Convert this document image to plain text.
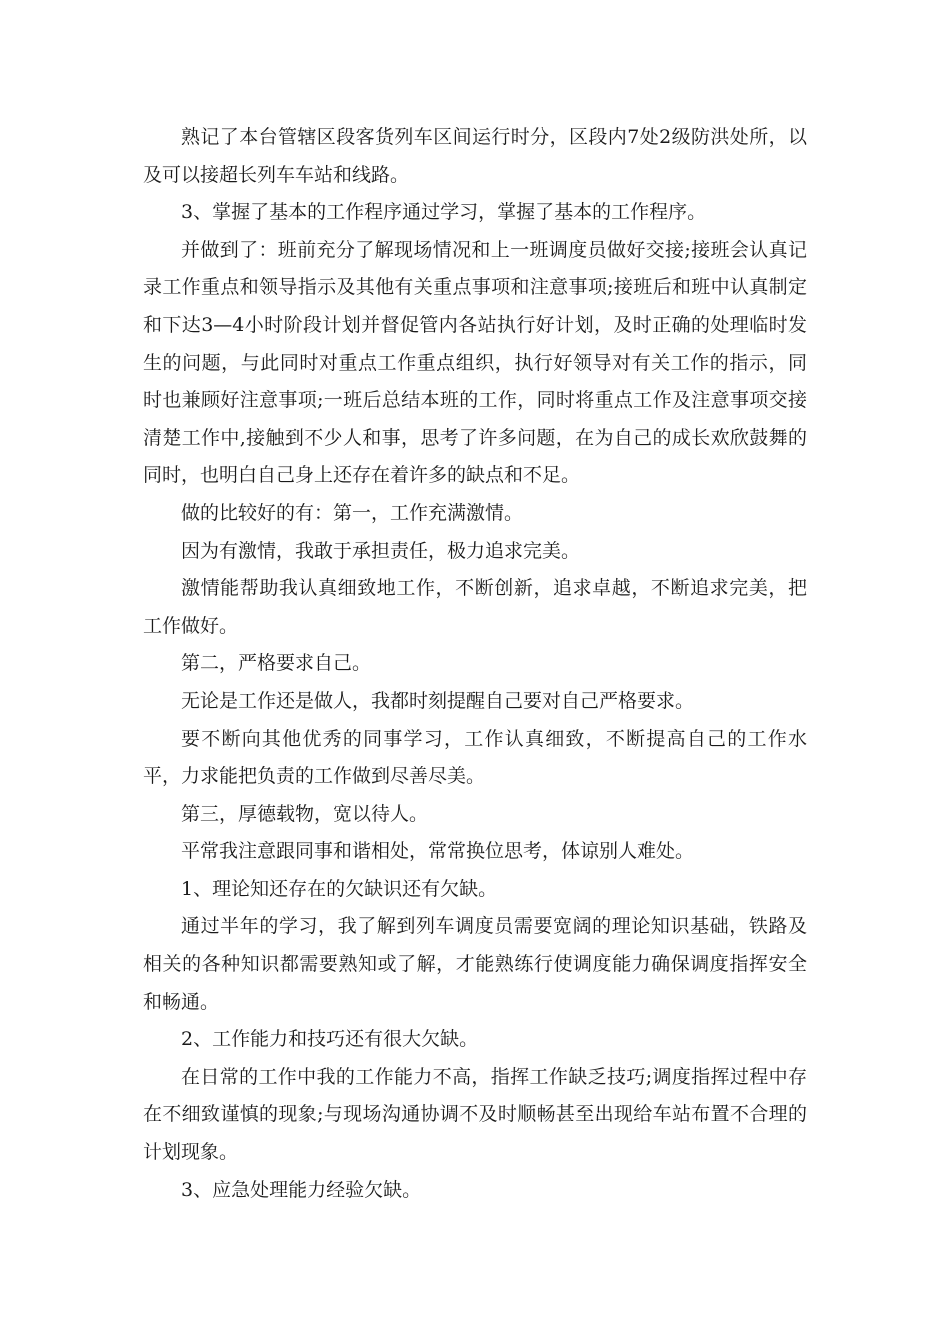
熟记了本台管辖区段客货列车区间运行时分，区段内7处2级防洪处所，以及可以接超长列车车站和线路。

3、掌握了基本的工作程序通过学习，掌握了基本的工作程序。

并做到了：班前充分了解现场情况和上一班调度员做好交接;接班会认真记录工作重点和领导指示及其他有关重点事项和注意事项;接班后和班中认真制定和下达3—4小时阶段计划并督促管内各站执行好计划，及时正确的处理临时发生的问题，与此同时对重点工作重点组织，执行好领导对有关工作的指示，同时也兼顾好注意事项;一班后总结本班的工作，同时将重点工作及注意事项交接清楚工作中,接触到不少人和事，思考了许多问题，在为自己的成长欢欣鼓舞的同时，也明白自己身上还存在着许多的缺点和不足。

做的比较好的有：第一，工作充满激情。

因为有激情，我敢于承担责任，极力追求完美。

激情能帮助我认真细致地工作，不断创新，追求卓越，不断追求完美，把工作做好。

第二，严格要求自己。

无论是工作还是做人，我都时刻提醒自己要对自己严格要求。

要不断向其他优秀的同事学习，工作认真细致，不断提高自己的工作水平，力求能把负责的工作做到尽善尽美。

第三，厚德载物，宽以待人。

平常我注意跟同事和谐相处，常常换位思考，体谅别人难处。

1、理论知还存在的欠缺识还有欠缺。

通过半年的学习，我了解到列车调度员需要宽阔的理论知识基础，铁路及相关的各种知识都需要熟知或了解，才能熟练行使调度能力确保调度指挥安全和畅通。

2、工作能力和技巧还有很大欠缺。

在日常的工作中我的工作能力不高，指挥工作缺乏技巧;调度指挥过程中存在不细致谨慎的现象;与现场沟通协调不及时顺畅甚至出现给车站布置不合理的计划现象。

3、应急处理能力经验欠缺。
